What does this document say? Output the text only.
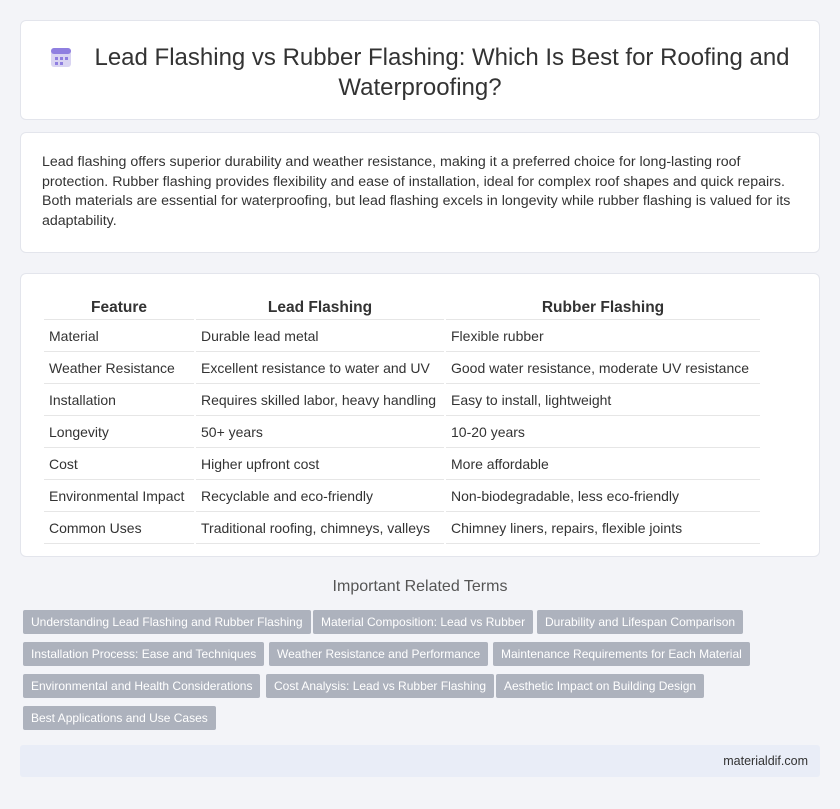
Lead Flashing vs Rubber Flashing: Which Is Best for Roofing and Waterproofing?

Lead flashing offers superior durability and weather resistance, making it a preferred choice for long-lasting roof protection. Rubber flashing provides flexibility and ease of installation, ideal for complex roof shapes and quick repairs. Both materials are essential for waterproofing, but lead flashing excels in longevity while rubber flashing is valued for its adaptability.

Feature	Lead Flashing	Rubber Flashing
Material	Durable lead metal	Flexible rubber
Weather Resistance	Excellent resistance to water and UV	Good water resistance, moderate UV resistance
Installation	Requires skilled labor, heavy handling	Easy to install, lightweight
Longevity	50+ years	10-20 years
Cost	Higher upfront cost	More affordable
Environmental Impact	Recyclable and eco-friendly	Non-biodegradable, less eco-friendly
Common Uses	Traditional roofing, chimneys, valleys	Chimney liners, repairs, flexible joints
Important Related Terms
Understanding Lead Flashing and Rubber Flashing	Material Composition: Lead vs Rubber	Durability and Lifespan Comparison
Installation Process: Ease and Techniques	Weather Resistance and Performance	Maintenance Requirements for Each Material
Environmental and Health Considerations	Cost Analysis: Lead vs Rubber Flashing	Aesthetic Impact on Building Design
Best Applications and Use Cases
materialdif.com
